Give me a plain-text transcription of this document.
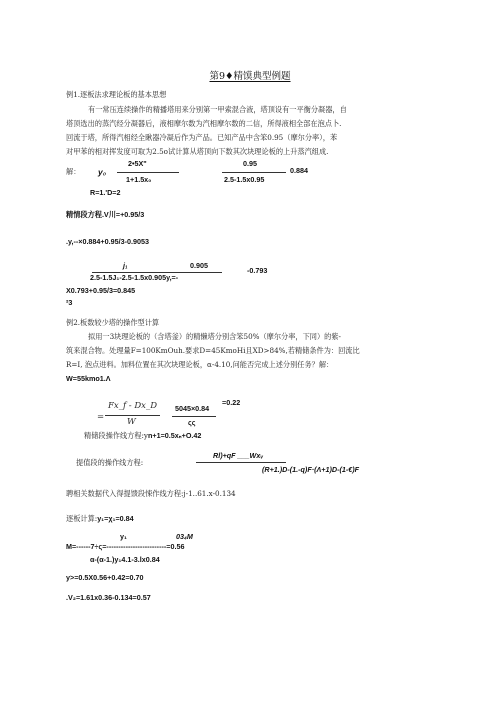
第9♦精馍典型例题
例1.逐板法求理论板的基本思想
有一常压连续操作的精播塔用来分别第一甲索混合液，塔顶设有一平衡分凝器，自
塔顶选出的蒸汽经分凝器后，液相摩尔数为汽相摩尔数的二信，所得液相全部在泡点卜.
回流于塔，所得汽相经全瞅器冷凝后作为产品。已知产品中含笨0.95（摩尔分率），苯
对甲苯的相对挥发度可取为2.5o试计算从塔顶向下数其次块理论板的上升蒸汽组成.
解： y₀
2•5X"
1+1.5x₀
0.95
2.5-1.5x0.95
0.884
R=1.'D=2
精情段方程.V川=+0.95/3
.y,--×0.884+0.95/3-0.9053
j₁	0.905
2.5-1.5J₁-2.5-1.5x0.905y,=-
-0.793
X0.793+0.95/3=0.845
²3
例2.板数较少塔的操作型计算
拟用一3块理论板的（含塔釜）的精懒塔分别含笨50%（摩尔分率，下同）的紫-
筑来混合物。处理量F=100KmOuh.要求D=45KmoHi且XD>84%,若精储条件为：回流比
R=I, 泡点进料。加料位置在其次块理论板，α-4.10,问能否完成上述分别任务？解：
W=55kmo1.Λ
=
Fx_f - Dx_D
W
5045×0.84
ςς
=0.22
精储段操作线方程:yn+1=0.5xₙ+O.42
提值段的操作线方程:
Rl)+qF ___Wxᵥ
(R+1.)D-(1.-q)F·(Λ+1)D-(1-€)F
聘相关数据代入得提馈段悚作线方程:j-1..61.x-0.134
逐板计算:y₁=χ₁=0.84
y₁	03₄M
M=------7÷ς=-------------------------=0.56
α-(α-1.)y₁4.1-3.lx0.84
y>=0.5X0.56+0.42=0.70
.V₂=1.61x0.36-0.134=0.57
